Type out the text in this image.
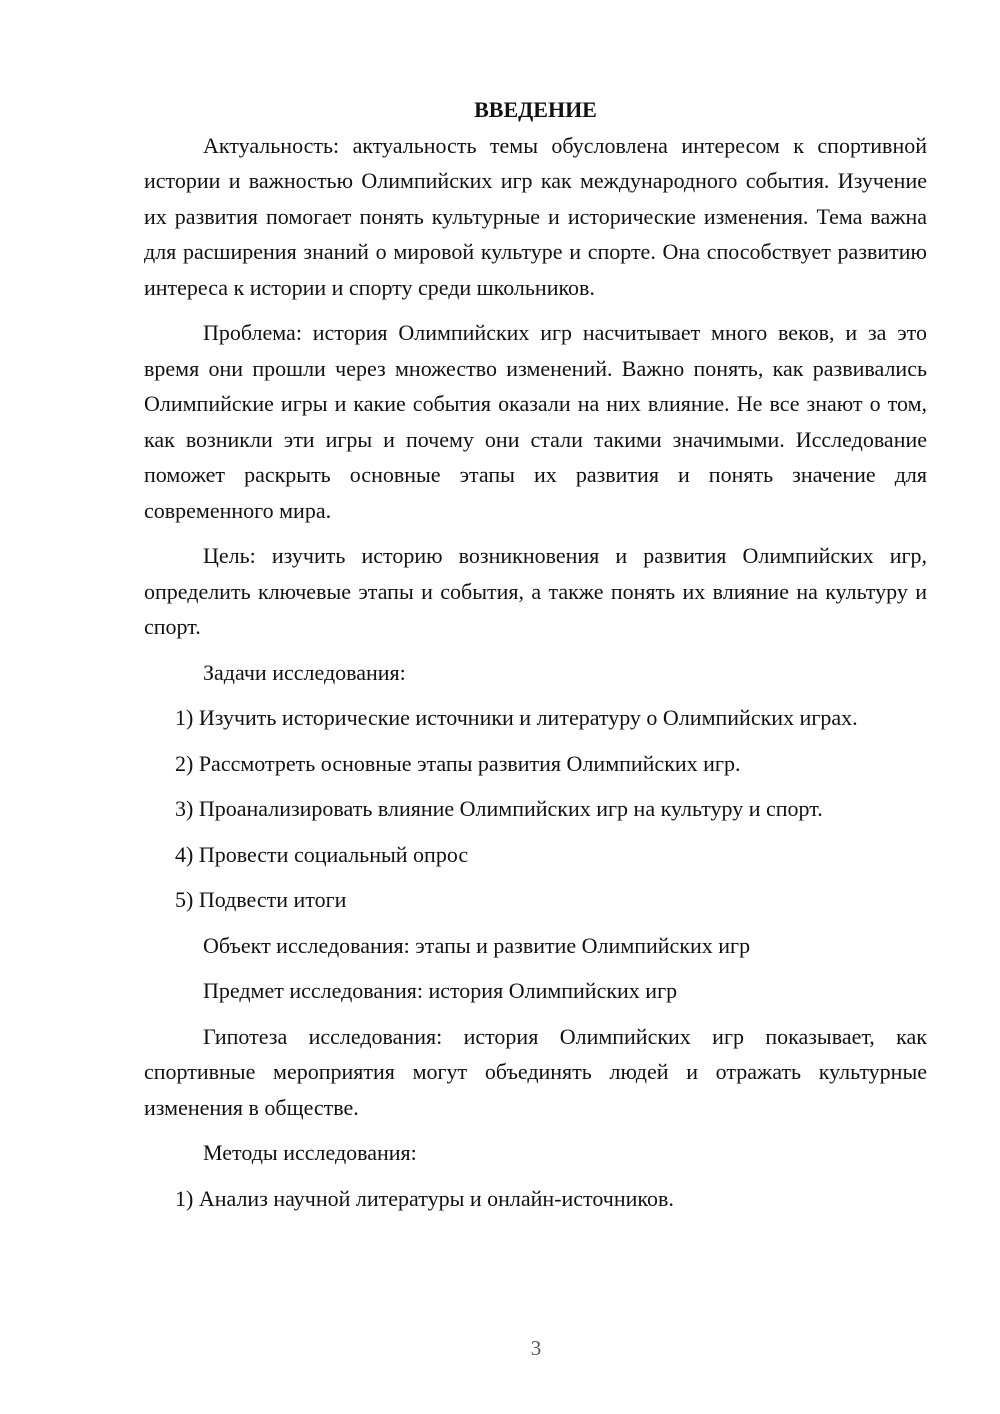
ВВЕДЕНИЕ

Актуальность: актуальность темы обусловлена интересом к спортивной истории и важностью Олимпийских игр как международного события. Изучение их развития помогает понять культурные и исторические изменения. Тема важна для расширения знаний о мировой культуре и спорте. Она способствует развитию интереса к истории и спорту среди школьников.

Проблема: история Олимпийских игр насчитывает много веков, и за это время они прошли через множество изменений. Важно понять, как развивались Олимпийские игры и какие события оказали на них влияние. Не все знают о том, как возникли эти игры и почему они стали такими значимыми. Исследование поможет раскрыть основные этапы их развития и понять значение для современного мира.

Цель: изучить историю возникновения и развития Олимпийских игр, определить ключевые этапы и события, а также понять их влияние на культуру и спорт.

Задачи исследования:

1) Изучить исторические источники и литературу о Олимпийских играх.

2) Рассмотреть основные этапы развития Олимпийских игр.

3) Проанализировать влияние Олимпийских игр на культуру и спорт.

4) Провести социальный опрос

5) Подвести итоги

Объект исследования: этапы и развитие Олимпийских игр

Предмет исследования: история Олимпийских игр

Гипотеза исследования: история Олимпийских игр показывает, как спортивные мероприятия могут объединять людей и отражать культурные изменения в обществе.

Методы исследования:

1) Анализ научной литературы и онлайн-источников.

3
